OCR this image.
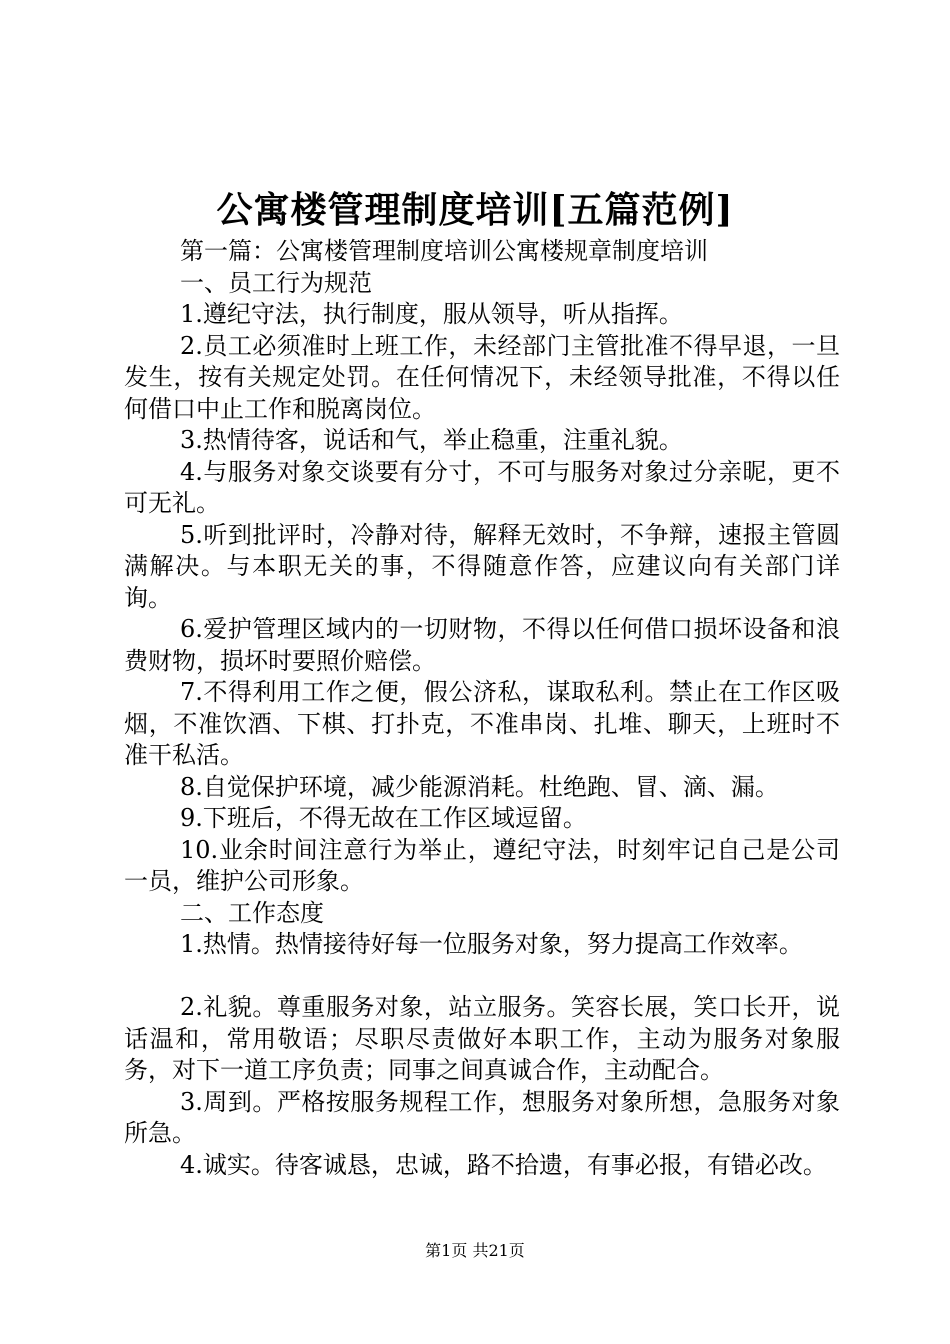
公寓楼管理制度培训[五篇范例]

第一篇：公寓楼管理制度培训公寓楼规章制度培训

一、员工行为规范

1.遵纪守法，执行制度，服从领导，听从指挥。

2.员工必须准时上班工作，未经部门主管批准不得早退，一旦发生，按有关规定处罚。在任何情况下，未经领导批准，不得以任何借口中止工作和脱离岗位。

3.热情待客，说话和气，举止稳重，注重礼貌。

4.与服务对象交谈要有分寸，不可与服务对象过分亲昵，更不可无礼。

5.听到批评时，冷静对待，解释无效时，不争辩，速报主管圆满解决。与本职无关的事，不得随意作答，应建议向有关部门详询。

6.爱护管理区域内的一切财物，不得以任何借口损坏设备和浪费财物，损坏时要照价赔偿。

7.不得利用工作之便，假公济私，谋取私利。禁止在工作区吸烟，不准饮酒、下棋、打扑克，不准串岗、扎堆、聊天，上班时不准干私活。

8.自觉保护环境，减少能源消耗。杜绝跑、冒、滴、漏。

9.下班后，不得无故在工作区域逗留。

10.业余时间注意行为举止，遵纪守法，时刻牢记自己是公司一员，维护公司形象。

二、工作态度

1.热情。热情接待好每一位服务对象，努力提高工作效率。

2.礼貌。尊重服务对象，站立服务。笑容长展，笑口长开，说话温和，常用敬语；尽职尽责做好本职工作，主动为服务对象服务，对下一道工序负责；同事之间真诚合作，主动配合。

3.周到。严格按服务规程工作，想服务对象所想，急服务对象所急。

4.诚实。待客诚恳，忠诚，路不拾遗，有事必报，有错必改。

第1页 共21页
